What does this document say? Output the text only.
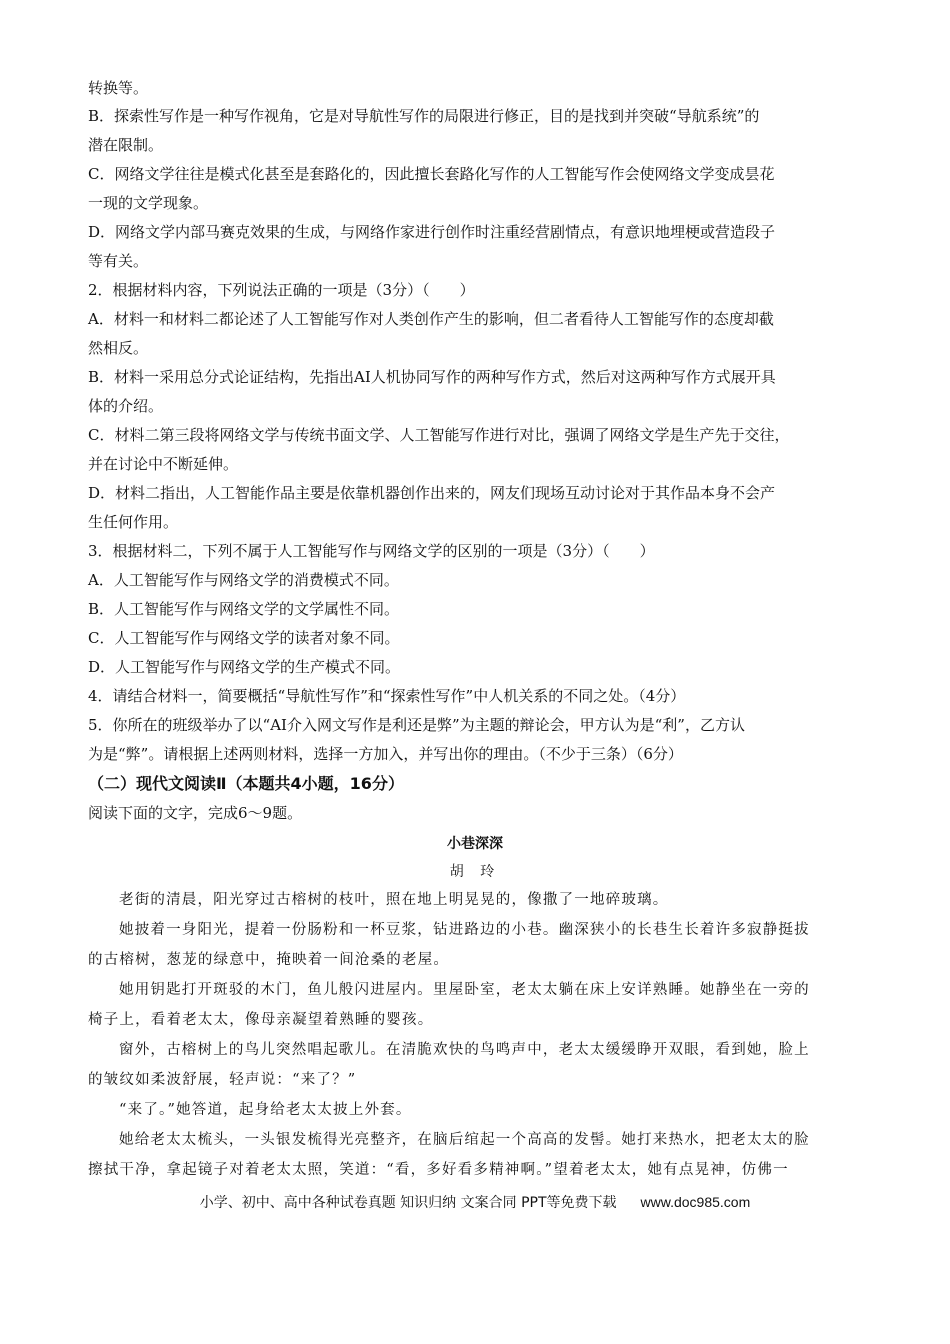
转换等。
B．探索性写作是一种写作视角，它是对导航性写作的局限进行修正，目的是找到并突破“导航系统”的
潜在限制。
C．网络文学往往是模式化甚至是套路化的，因此擅长套路化写作的人工智能写作会使网络文学变成昙花
一现的文学现象。
D．网络文学内部马赛克效果的生成，与网络作家进行创作时注重经营剧情点，有意识地埋梗或营造段子
等有关。
2．根据材料内容，下列说法正确的一项是（3分）（　　）
A．材料一和材料二都论述了人工智能写作对人类创作产生的影响，但二者看待人工智能写作的态度却截
然相反。
B．材料一采用总分式论证结构，先指出AI人机协同写作的两种写作方式，然后对这两种写作方式展开具
体的介绍。
C．材料二第三段将网络文学与传统书面文学、人工智能写作进行对比，强调了网络文学是生产先于交往，
并在讨论中不断延伸。
D．材料二指出，人工智能作品主要是依靠机器创作出来的，网友们现场互动讨论对于其作品本身不会产
生任何作用。
3．根据材料二，下列不属于人工智能写作与网络文学的区别的一项是（3分）（　　）
A．人工智能写作与网络文学的消费模式不同。
B．人工智能写作与网络文学的文学属性不同。
C．人工智能写作与网络文学的读者对象不同。
D．人工智能写作与网络文学的生产模式不同。
4．请结合材料一，简要概括“导航性写作”和“探索性写作”中人机关系的不同之处。（4分）
5．你所在的班级举办了以“AI介入网文写作是利还是弊”为主题的辩论会，甲方认为是“利”，乙方认
为是“弊”。请根据上述两则材料，选择一方加入，并写出你的理由。（不少于三条）（6分）
（二）现代文阅读Ⅱ（本题共4小题，16分）
阅读下面的文字，完成6～9题。
小巷深深
胡 玲
老街的清晨，阳光穿过古榕树的枝叶，照在地上明晃晃的，像撒了一地碎玻璃。
她披着一身阳光，提着一份肠粉和一杯豆浆，钻进路边的小巷。幽深狭小的长巷生长着许多寂静挺拔
的古榕树，葱茏的绿意中，掩映着一间沧桑的老屋。
她用钥匙打开斑驳的木门，鱼儿般闪进屋内。里屋卧室，老太太躺在床上安详熟睡。她静坐在一旁的
椅子上，看着老太太，像母亲凝望着熟睡的婴孩。
窗外，古榕树上的鸟儿突然唱起歌儿。在清脆欢快的鸟鸣声中，老太太缓缓睁开双眼，看到她，脸上
的皱纹如柔波舒展，轻声说：“来了？”
“来了。”她答道，起身给老太太披上外套。
她给老太太梳头，一头银发梳得光亮整齐，在脑后绾起一个高高的发髻。她打来热水，把老太太的脸
擦拭干净，拿起镜子对着老太太照，笑道：“看，多好看多精神啊。”望着老太太，她有点晃神，仿佛一
小学、初中、高中各种试卷真题 知识归纳 文案合同 PPT等免费下载 www.doc985.com
